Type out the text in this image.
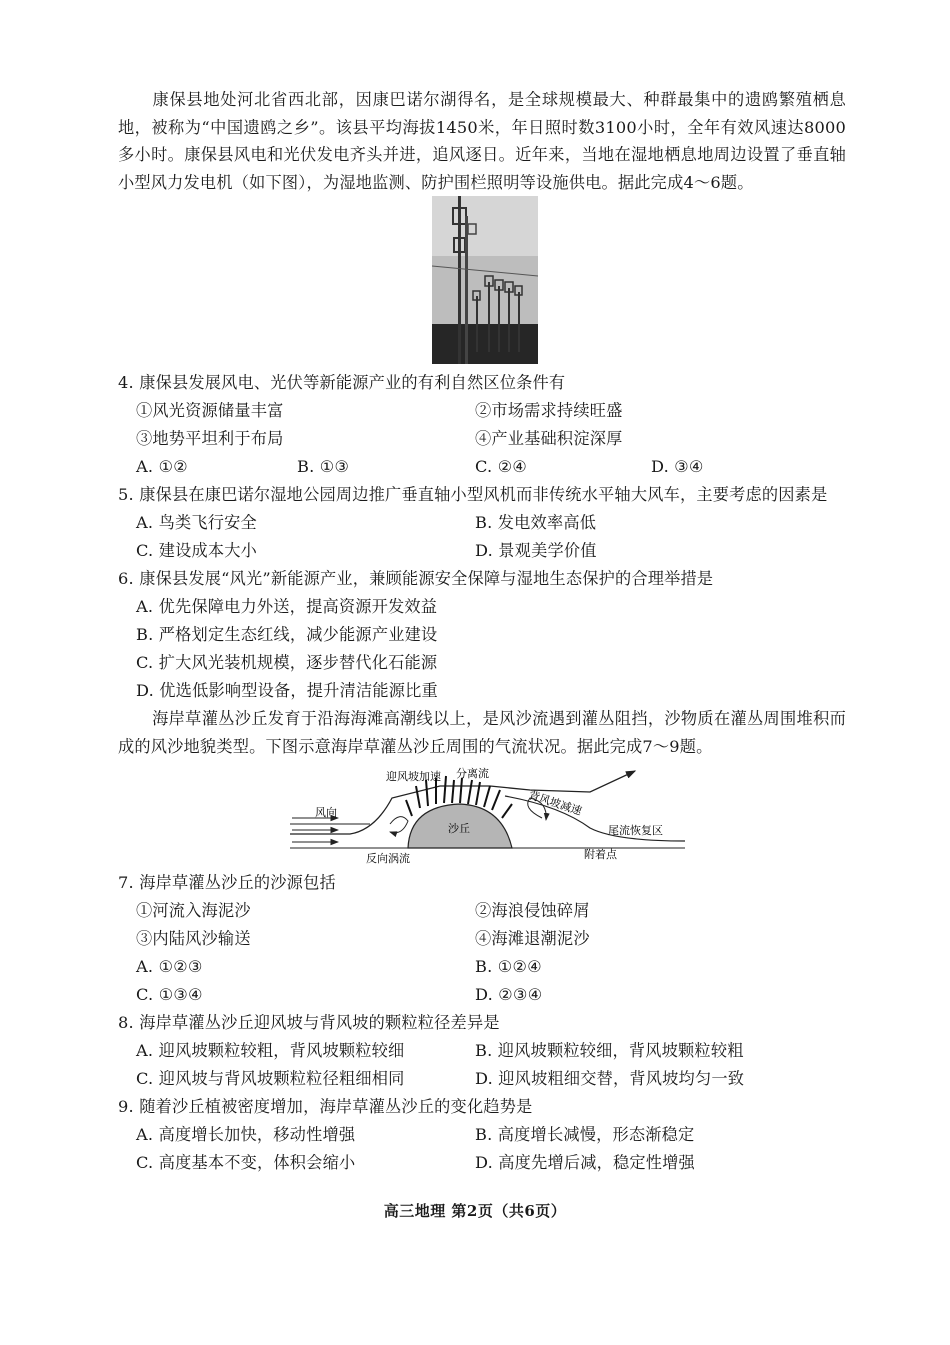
康保县地处河北省西北部，因康巴诺尔湖得名，是全球规模最大、种群最集中的遗鸥繁殖栖息地，被称为“中国遗鸥之乡”。该县平均海拔1450米，年日照时数3100小时，全年有效风速达8000多小时。康保县风电和光伏发电齐头并进，追风逐日。近年来，当地在湿地栖息地周边设置了垂直轴小型风力发电机（如下图），为湿地监测、防护围栏照明等设施供电。据此完成4～6题。
4. 康保县发展风电、光伏等新能源产业的有利自然区位条件有
①风光资源储量丰富	②市场需求持续旺盛
③地势平坦利于布局	④产业基础积淀深厚
A. ①②	B. ①③	C. ②④	D. ③④
5. 康保县在康巴诺尔湿地公园周边推广垂直轴小型风机而非传统水平轴大风车，主要考虑的因素是
A. 鸟类飞行安全	B. 发电效率高低
C. 建设成本大小	D. 景观美学价值
6. 康保县发展“风光”新能源产业，兼顾能源安全保障与湿地生态保护的合理举措是
A. 优先保障电力外送，提高资源开发效益
B. 严格划定生态红线，减少能源产业建设
C. 扩大风光装机规模，逐步替代化石能源
D. 优选低影响型设备，提升清洁能源比重
海岸草灌丛沙丘发育于沿海海滩高潮线以上，是风沙流遇到灌丛阻挡，沙物质在灌丛周围堆积而成的风沙地貌类型。下图示意海岸草灌丛沙丘周围的气流状况。据此完成7～9题。
迎风坡加速 分离流
背风坡减速
风向
沙丘	尾流恢复区
反向涡流	附着点
7. 海岸草灌丛沙丘的沙源包括
①河流入海泥沙	②海浪侵蚀碎屑
③内陆风沙输送	④海滩退潮泥沙
A. ①②③	B. ①②④
C. ①③④	D. ②③④
8. 海岸草灌丛沙丘迎风坡与背风坡的颗粒粒径差异是
A. 迎风坡颗粒较粗，背风坡颗粒较细	B. 迎风坡颗粒较细，背风坡颗粒较粗
C. 迎风坡与背风坡颗粒粒径粗细相同	D. 迎风坡粗细交替，背风坡均匀一致
9. 随着沙丘植被密度增加，海岸草灌丛沙丘的变化趋势是
A. 高度增长加快，移动性增强	B. 高度增长减慢，形态渐稳定
C. 高度基本不变，体积会缩小	D. 高度先增后减，稳定性增强
高三地理 第2页（共6页）
